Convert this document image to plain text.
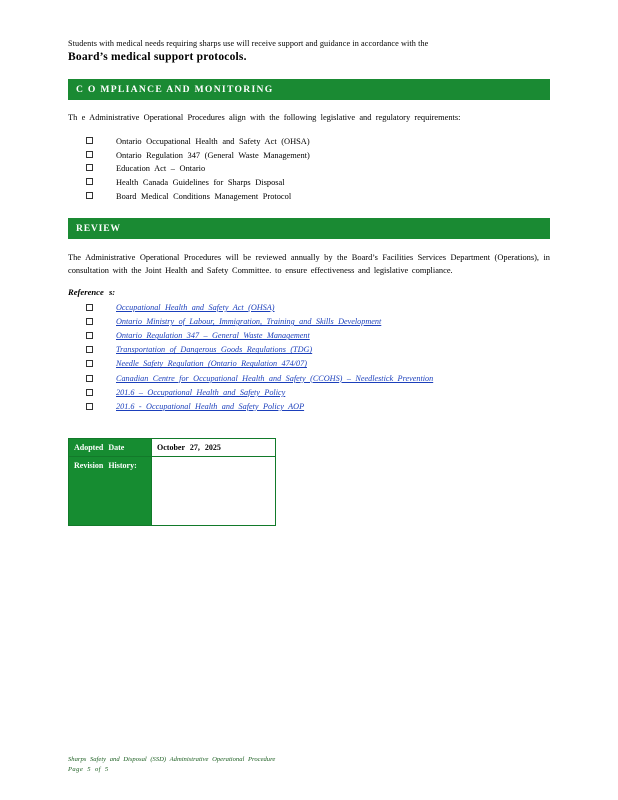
Students with medical needs requiring sharps use will receive support and guidance in accordance with the

Board’s medical support protocols.

C O MPLIANCE AND MONITORING

Th e Administrative Operational Procedures align with the following legislative and regulatory requirements:

Ontario Occupational Health and Safety Act (OHSA)
Ontario Regulation 347 (General Waste Management)
Education Act – Ontario
Health Canada Guidelines for Sharps Disposal
Board Medical Conditions Management Protocol
REVIEW

The Administrative Operational Procedures will be reviewed annually by the Board’s Facilities Services Department (Operations), in consultation with the Joint Health and Safety Committee. to ensure effectiveness and legislative compliance.

Reference s:
Occupational Health and Safety Act (OHSA)
Ontario Ministry of Labour, Immigration, Training and Skills Development
Ontario Regulation 347 – General Waste Management
Transportation of Dangerous Goods Regulations (TDG)
Needle Safety Regulation (Ontario Regulation 474/07)
Canadian Centre for Occupational Health and Safety (CCOHS) – Needlestick Prevention
201.6 – Occupational Health and Safety Policy
201.6 - Occupational Health and Safety Policy AOP
Adopted Date	October 27, 2025
Revision History:	
Sharps Safety and Disposal (SSD) Administrative Operational Procedure
Page 5 of 5
